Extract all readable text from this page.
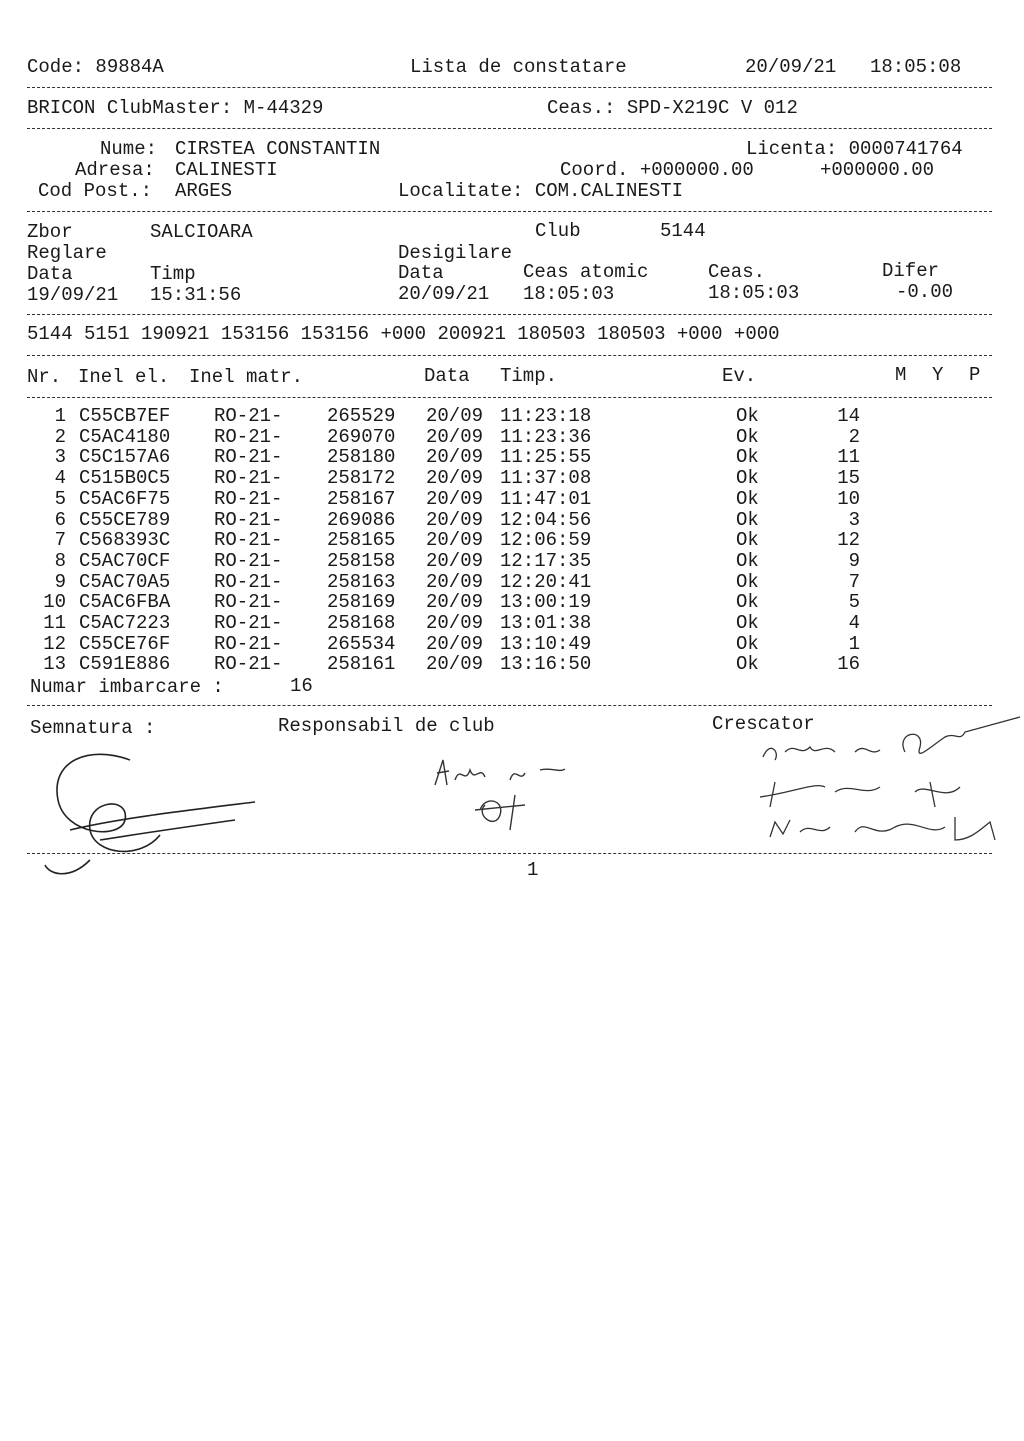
Code: 89884A	Lista de constatare	20/09/21 18:05:08
BRICON ClubMaster: M-44329	Ceas.: SPD-X219C V 012
Nume: CIRSTEA CONSTANTIN	Licenta: 0000741764
Adresa: CALINESTI	Coord. +000000.00	+000000.00
Cod Post.: ARGES	Localitate: COM.CALINESTI
Zbor	SALCIOARA	Club	5144
Reglare	Desigilare
Data	Timp	Data	Ceas atomic	Ceas.	Difer
19/09/21 15:31:56	20/09/21 18:05:03	18:05:03	-0.00
5144 5151 190921 153156 153156 +000 200921 180503 180503 +000 +000
Nr. Inel el. Inel matr.	Data Timp.	Ev.	M Y P
1 C55CB7EF RO-21- 265529 20/09 11:23:18	Ok	14
2 C5AC4180 RO-21- 269070 20/09 11:23:36	Ok	2
3 C5C157A6 RO-21- 258180 20/09 11:25:55	Ok	11
4 C515B0C5 RO-21- 258172 20/09 11:37:08	Ok	15
5 C5AC6F75 RO-21- 258167 20/09 11:47:01	Ok	10
6 C55CE789 RO-21- 269086 20/09 12:04:56	Ok	3
7 C568393C RO-21- 258165 20/09 12:06:59	Ok	12
8 C5AC70CF RO-21- 258158 20/09 12:17:35	Ok	9
9 C5AC70A5 RO-21- 258163 20/09 12:20:41	Ok	7
10 C5AC6FBA RO-21- 258169 20/09 13:00:19	Ok	5
11 C5AC7223 RO-21- 258168 20/09 13:01:38	Ok	4
12 C55CE76F RO-21- 265534 20/09 13:10:49	Ok	1
13 C591E886 RO-21- 258161 20/09 13:16:50	Ok	16
Numar imbarcare :	16
Semnatura :	Responsabil de club	Crescator
1
